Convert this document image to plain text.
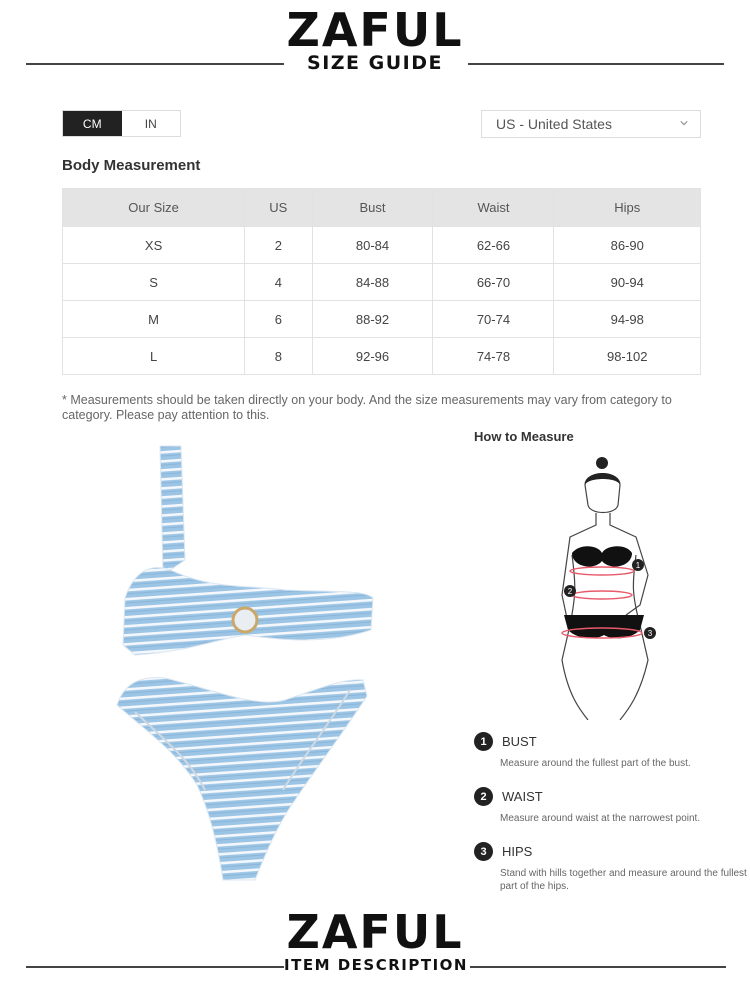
ZAFUL
SIZE GUIDE
CM	IN	US - United States
Body Measurement
Our Size	US	Bust	Waist	Hips
XS	2	80-84	62-66	86-90
S	4	84-88	66-70	90-94
M	6	88-92	70-74	94-98
L	8	92-96	74-78	98-102
* Measurements should be taken directly on your body. And the size measurements may vary from category to category. Please pay attention to this.
How to Measure
1
2
3
1	BUST
Measure around the fullest part of the bust.
2	WAIST
Measure around waist at the narrowest point.
3	HIPS
Stand with hills together and measure around the fullest part of the hips.
ZAFUL
ITEM DESCRIPTION
